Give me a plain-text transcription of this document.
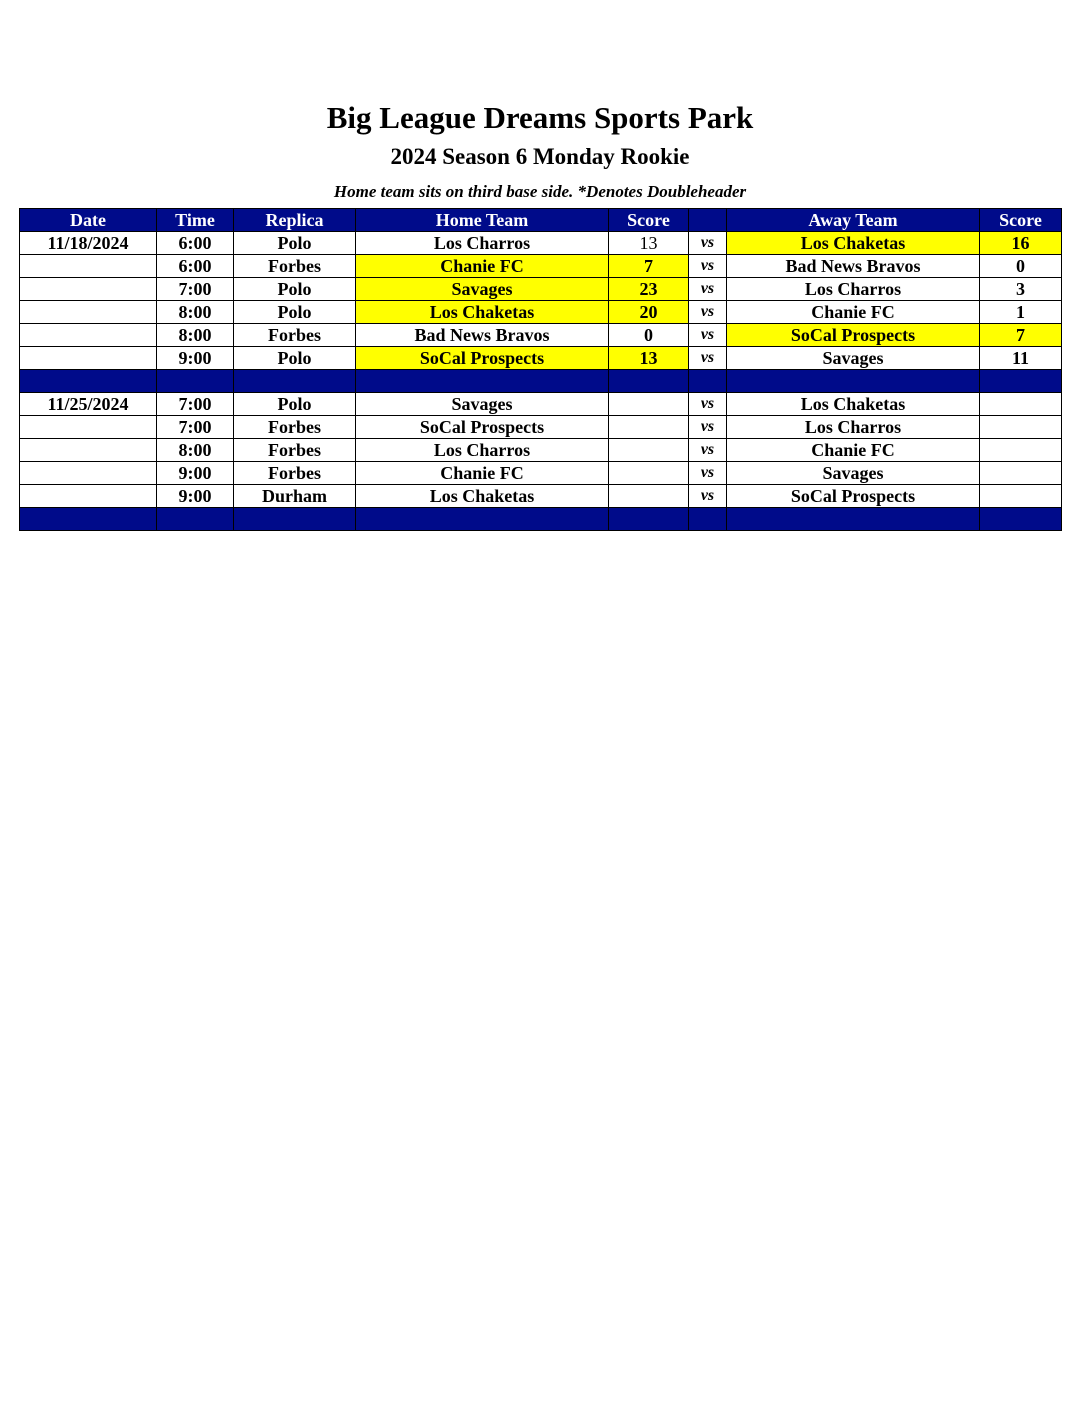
Big League Dreams Sports Park
2024 Season 6 Monday Rookie
Home team sits on third base side. *Denotes Doubleheader
Date	Time	Replica	Home Team	Score		Away Team	Score
11/18/2024	6:00	Polo	Los Charros	13	vs	Los Chaketas	16
	6:00	Forbes	Chanie FC	7	vs	Bad News Bravos	0
	7:00	Polo	Savages	23	vs	Los Charros	3
	8:00	Polo	Los Chaketas	20	vs	Chanie FC	1
	8:00	Forbes	Bad News Bravos	0	vs	SoCal Prospects	7
	9:00	Polo	SoCal Prospects	13	vs	Savages	11

11/25/2024	7:00	Polo	Savages		vs	Los Chaketas	
	7:00	Forbes	SoCal Prospects		vs	Los Charros	
	8:00	Forbes	Los Charros		vs	Chanie FC	
	9:00	Forbes	Chanie FC		vs	Savages	
	9:00	Durham	Los Chaketas		vs	SoCal Prospects	
